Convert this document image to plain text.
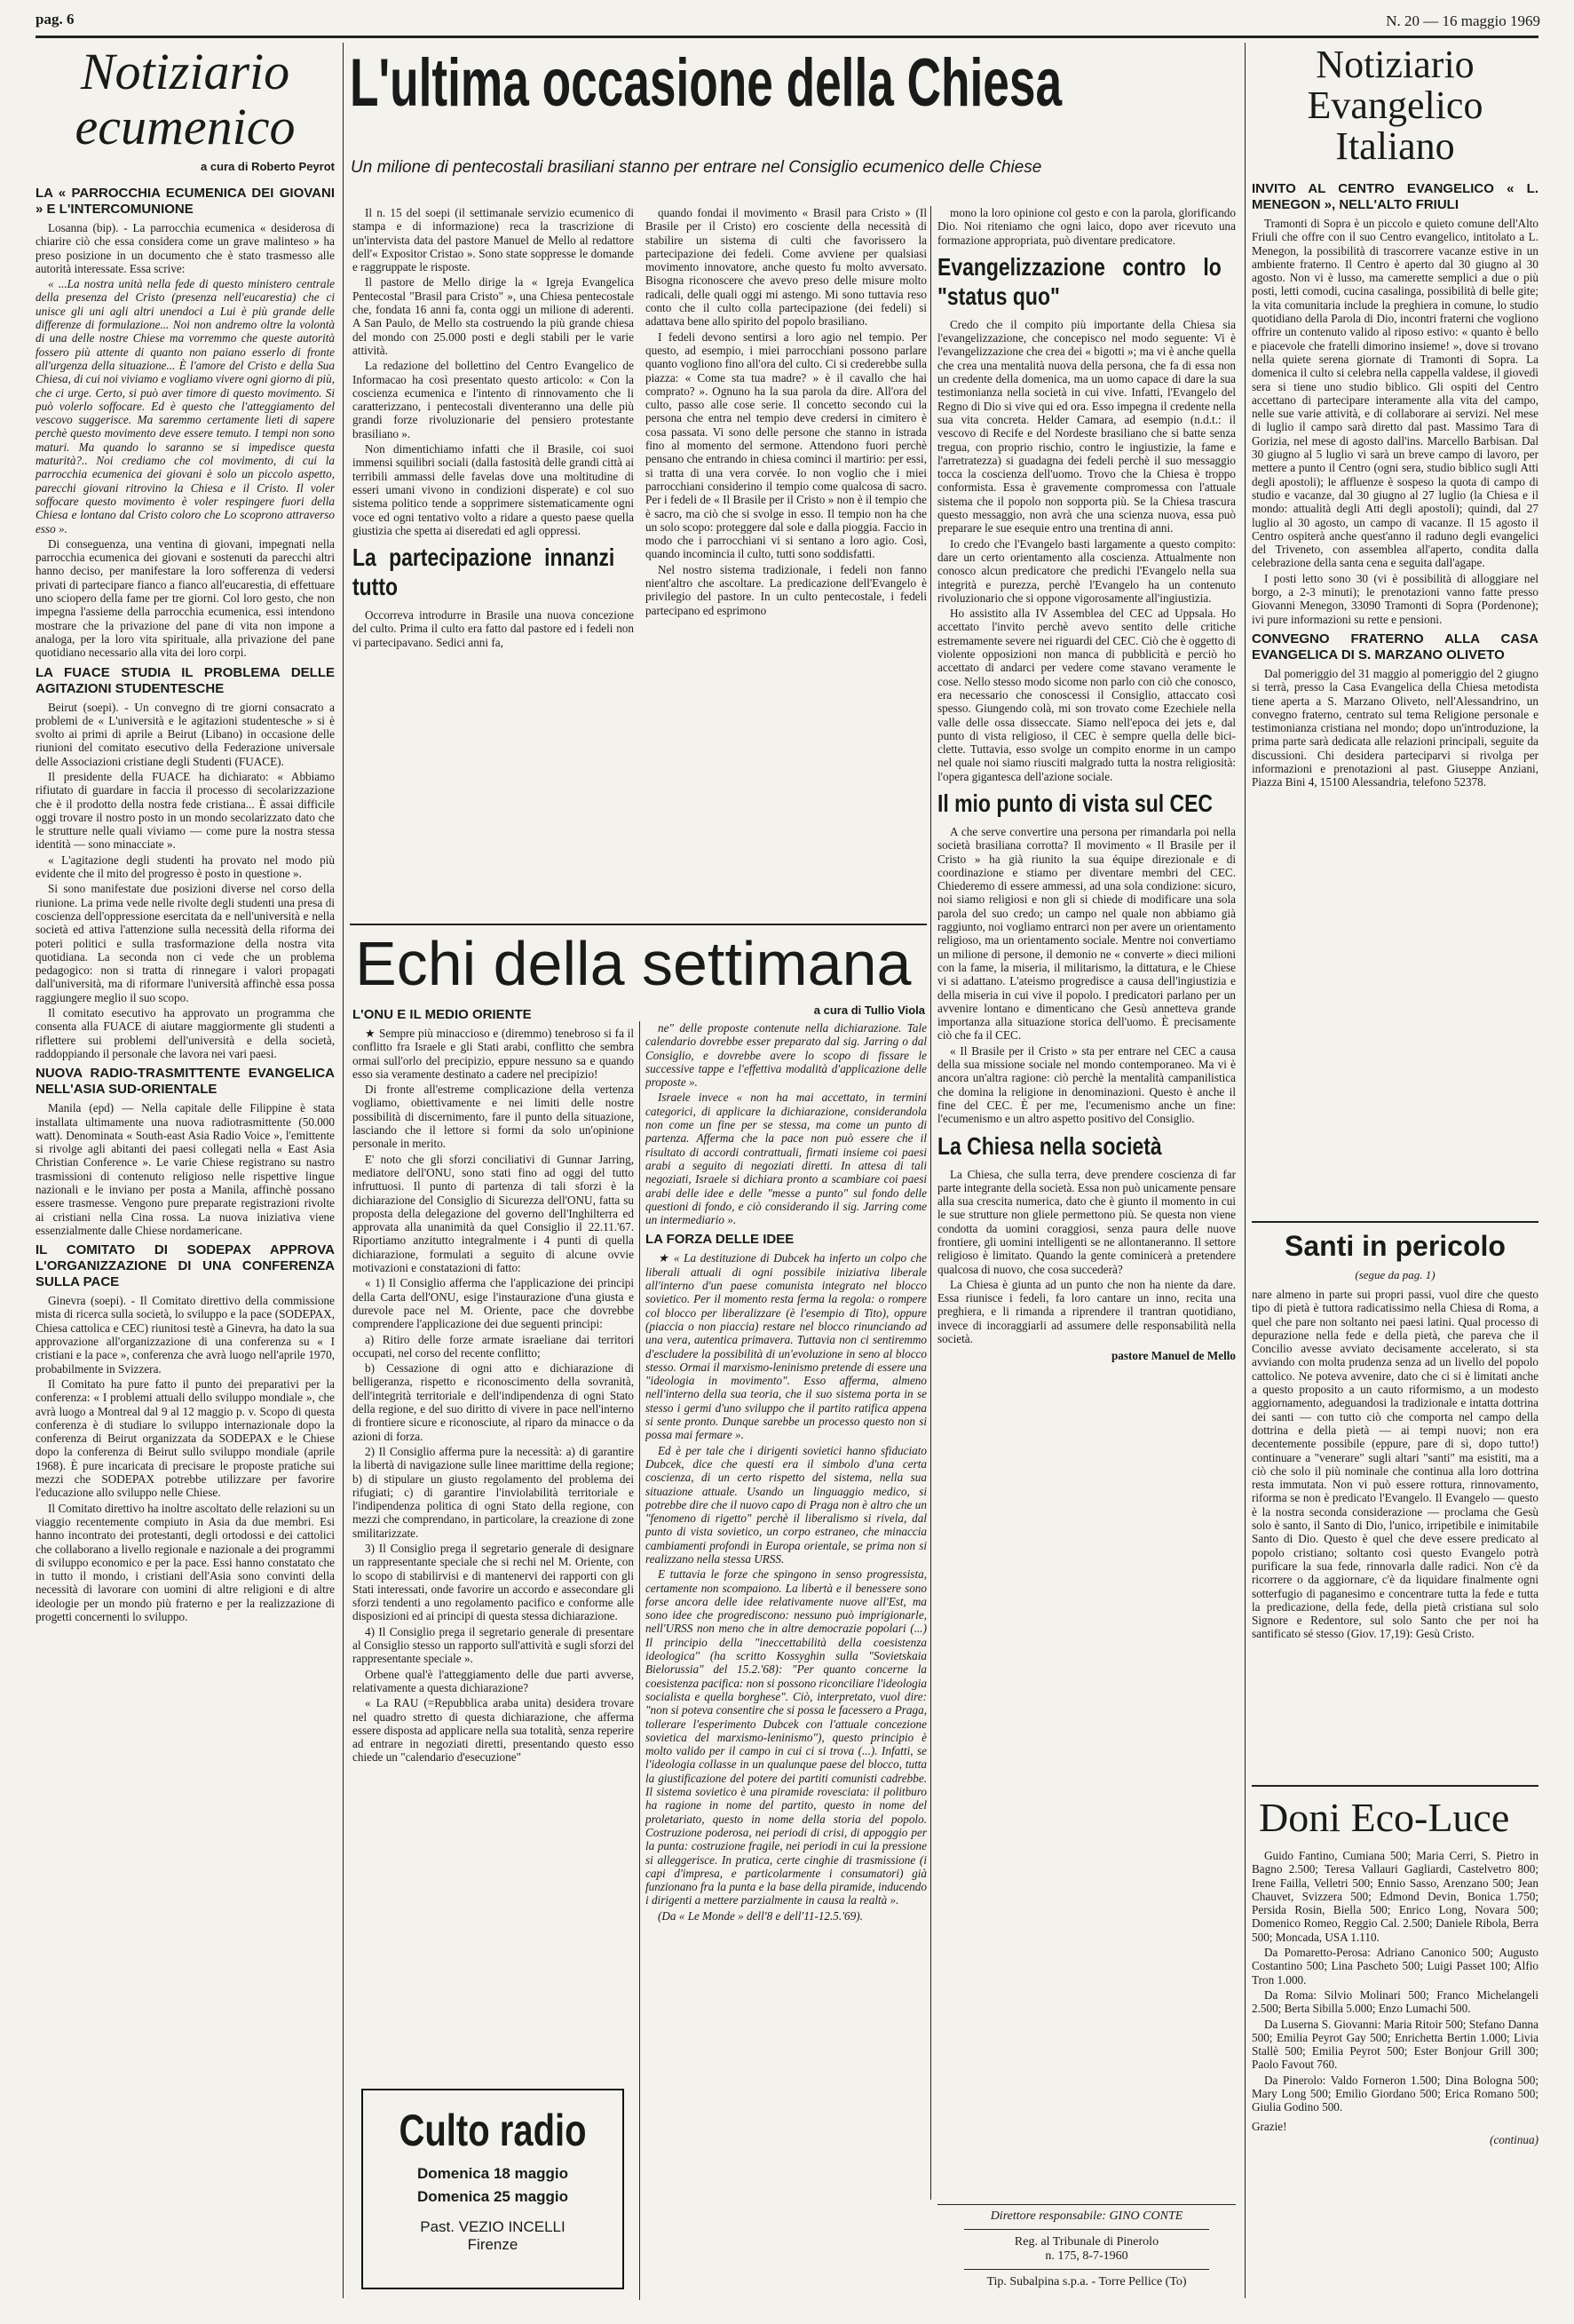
pag. 6	N. 20 — 16 maggio 1969
Notiziario
ecumenico
a cura di Roberto Peyrot
LA « PARROCCHIA ECUMENICA DEI GIOVANI » E L'INTERCOMUNIONE

Losanna (bip). - La parrocchia ecumenica « desiderosa di chiarire ciò che essa considera come un grave malinteso » ha preso posizione in un documento che è stato trasmesso alle autorità interessate. Essa scrive:

« ...La nostra unità nella fede di questo ministero centrale della presenza del Cristo (presenza nell'eucarestia) che ci unisce gli uni agli altri unendoci a Lui è più grande delle differenze di formulazione... Noi non andremo oltre la volontà di una delle nostre Chiese ma vorremmo che queste autorità fossero più attente di quanto non paiano esserlo di fronte all'urgenza della situazione... È l'amore del Cristo e della Sua Chiesa, di cui noi viviamo e vogliamo vivere ogni giorno di più, che ci urge. Certo, si può aver timore di questo movimento. Si può volerlo soffocare. Ed è questo che l'atteggiamento del vescovo suggerisce. Ma saremmo certamente lieti di sapere perchè questo movimento deve essere temuto. I tempi non sono maturi. Ma quando lo saranno se si impedisce questa maturità?.. Noi crediamo che col movimento, di cui la parrocchia ecumenica dei giovani è solo un piccolo aspetto, parecchi giovani ritrovino la Chiesa e il Cristo. Il voler soffocare questo movimento è voler respingere fuori della Chiesa e lontano dal Cristo coloro che Lo scoprono attraverso esso ».

Di conseguenza, una ventina di giovani, impegnati nella parrocchia ecumenica dei giovani e sostenuti da parecchi altri hanno deciso, per manifestare la loro sofferenza di vedersi privati di partecipare fianco a fianco all'eucarestia, di effettuare uno sciopero della fame per tre giorni. Col loro gesto, che non impegna l'assieme della parrocchia ecumenica, essi intendono mostrare che la privazione del pane di vita non impone a analoga, per la loro vita spirituale, alla privazione del pane quotidiano necessario alla vita dei loro corpi.

LA FUACE STUDIA IL PROBLEMA DELLE AGITAZIONI STUDENTESCHE

Beirut (soepi). - Un convegno di tre giorni consacrato a problemi de « L'università e le agitazioni studentesche » si è svolto ai primi di aprile a Beirut (Libano) in occasione delle riunioni del comitato esecutivo della Federazione universale delle Associazioni cristiane degli Studenti (FUACE).

Il presidente della FUACE ha dichiarato: « Abbiamo rifiutato di guardare in faccia il processo di secolarizzazione che è il prodotto della nostra fede cristiana... È assai difficile oggi trovare il nostro posto in un mondo secolarizzato dato che le strutture nelle quali viviamo — come pure la nostra stessa identità — sono minacciate ».

« L'agitazione degli studenti ha provato nel modo più evidente che il mito del progresso è posto in questione ».

Si sono manifestate due posizioni diverse nel corso della riunione. La prima vede nelle rivolte degli studenti una presa di coscienza dell'oppressione esercitata da e nell'università e nella società ed attiva l'attenzione sulla necessità della riforma dei poteri politici e sulla trasformazione della nostra vita quotidiana. La seconda non ci vede che un problema pedagogico: non si tratta di rinnegare i valori propagati dall'università, ma di riformare l'università affinchè essa possa raggiungere meglio il suo scopo.

Il comitato esecutivo ha approvato un programma che consenta alla FUACE di aiutare maggiormente gli studenti a riflettere sui problemi dell'università e della società, raddoppiando il personale che lavora nei vari paesi.

NUOVA RADIO-TRASMITTENTE EVANGELICA NELL'ASIA SUD-ORIENTALE

Manila (epd) — Nella capitale delle Filippine è stata installata ultimamente una nuova radiotrasmittente (50.000 watt). Denominata « South-east Asia Radio Voice », l'emittente si rivolge agli abitanti dei paesi collegati nella « East Asia Christian Conference ». Le varie Chiese registrano su nastro trasmissioni di contenuto religioso nelle rispettive lingue nazionali e le inviano per posta a Manila, affinchè possano essere trasmesse. Vengono pure preparate registrazioni rivolte ai cristiani nella Cina rossa. La nuova iniziativa viene essenzialmente dalle Chiese nordamericane.

IL COMITATO DI SODEPAX APPROVA L'ORGANIZZAZIONE DI UNA CONFERENZA SULLA PACE

Ginevra (soepi). - Il Comitato direttivo della commissione mista di ricerca sulla società, lo sviluppo e la pace (SODEPAX, Chiesa cattolica e CEC) riunitosi testè a Ginevra, ha dato la sua approvazione all'organizzazione di una conferenza su « I cristiani e la pace », conferenza che avrà luogo nell'aprile 1970, probabilmente in Svizzera.

Il Comitato ha pure fatto il punto dei preparativi per la conferenza: « I problemi attuali dello sviluppo mondiale », che avrà luogo a Montreal dal 9 al 12 maggio p. v. Scopo di questa conferenza è di studiare lo sviluppo internazionale dopo la conferenza di Beirut organizzata da SODEPAX e le Chiese dopo la conferenza di Beirut sullo sviluppo mondiale (aprile 1968). È pure incaricata di precisare le proposte pratiche sui mezzi che SODEPAX potrebbe utilizzare per favorire l'educazione allo sviluppo nelle Chiese.

Il Comitato direttivo ha inoltre ascoltato delle relazioni su un viaggio recentemente compiuto in Asia da due membri. Esi hanno incontrato dei protestanti, degli ortodossi e dei cattolici che collaborano a livello regionale e nazionale a dei programmi di sviluppo economico e per la pace. Essi hanno constatato che in tutto il mondo, i cristiani dell'Asia sono convinti della necessità di lavorare con uomini di altre religioni e di altre ideologie per un mondo più fraterno e per la realizzazione di progetti concernenti lo sviluppo.

L'ultima occasione della Chiesa
Un milione di pentecostali brasiliani stanno per entrare nel Consiglio ecumenico delle Chiese

Il n. 15 del soepi (il settimanale servizio ecumenico di stampa e di informazione) reca la trascrizione di un'intervista data del pastore Manuel de Mello al redattore dell'« Expositor Cristao ». Sono state soppresse le domande e raggruppate le risposte.

Il pastore de Mello dirige la « Igreja Evangelica Pentecostal "Brasil para Cristo" », una Chiesa pentecostale che, fondata 16 anni fa, conta oggi un milione di aderenti. A San Paulo, de Mello sta costruendo la più grande chiesa del mondo con 25.000 posti e degli stabili per le varie attività.

La redazione del bollettino del Centro Evangelico de Informacao ha così presentato questo articolo: « Con la coscienza ecumenica e l'intento di rinnovamento che li caratterizzano, i pentecostali diventeranno una delle più grandi forze rivoluzionarie del pensiero protestante brasiliano ».

Non dimentichiamo infatti che il Brasile, coi suoi immensi squilibri sociali (dalla fastosità delle grandi città ai terribili ammassi delle favelas dove una moltitudine di esseri umani vivono in condizioni disperate) e col suo sistema politico tende a sopprimere sistematicamente ogni voce ed ogni tentativo volto a ridare a questo paese quella giustizia che spetta ai diseredati ed agli oppressi.

La partecipazione innanzi tutto

Occorreva introdurre in Brasile una nuova concezione del culto. Prima il culto era fatto dal pastore ed i fedeli non vi partecipavano. Sedici anni fa,

quando fondai il movimento « Brasil para Cristo » (Il Brasile per il Cristo) ero cosciente della necessità di stabilire un sistema di culti che favorissero la partecipazione dei fedeli. Come avviene per qualsiasi movimento innovatore, anche questo fu molto avversato. Bisogna riconoscere che avevo preso delle misure molto radicali, delle quali oggi mi astengo. Mi sono tuttavia reso conto che il culto colla partecipazione (dei fedeli) si adattava bene allo spirito del popolo brasiliano.

I fedeli devono sentirsi a loro agio nel tempio. Per questo, ad esempio, i miei parrocchiani possono parlare quanto vogliono fino all'ora del culto. Ci si crederebbe sulla piazza: « Come sta tua madre? » è il cavallo che hai comprato? ». Ognuno ha la sua parola da dire. All'ora del culto, passo alle cose serie. Il concetto secondo cui la persona che entra nel tempio deve credersi in cimitero è cosa passata. Vi sono delle persone che stanno in istrada fino al momento del sermone. Attendono fuori perchè pensano che entrando in chiesa cominci il martirio: per essi, si tratta di una vera corvée. Io non voglio che i miei parrocchiani considerino il tempio come qualcosa di sacro. Per i fedeli de « Il Brasile per il Cristo » non è il tempio che è sacro, ma ciò che si svolge in esso. Il tempio non ha che un solo scopo: proteggere dal sole e dalla pioggia. Faccio in modo che i parrocchiani vi si sentano a loro agio. Così, quando incomincia il culto, tutti sono soddisfatti.

Nel nostro sistema tradizionale, i fedeli non fanno nient'altro che ascoltare. La predicazione dell'Evangelo è privilegio del pastore. In un culto pentecostale, i fedeli partecipano ed esprimono

mono la loro opinione col gesto e con la parola, glorificando Dio. Noi riteniamo che ogni laico, dopo aver ricevuto una formazione appropriata, può diventare predicatore.

Evangelizzazione contro lo "status quo"

Credo che il compito più importante della Chiesa sia l'evangelizzazione, che concepisco nel modo seguente: Vi è l'evangelizzazione che crea dei « bigotti »; ma vi è anche quella che crea una mentalità nuova della persona, che fa di essa non un credente della domenica, ma un uomo capace di dare la sua testimonianza nella società in cui vive. Infatti, l'Evangelo del Regno di Dio si vive qui ed ora. Esso impegna il credente nella sua vita concreta. Helder Camara, ad esempio (n.d.t.: il vescovo di Recife e del Nordeste brasiliano che si batte senza tregua, con proprio rischio, contro le ingiustizie, la fame e l'arretratezza) si guadagna dei fedeli perchè il suo messaggio tocca la coscienza dell'uomo. Trovo che la Chiesa è troppo conformista. Essa è gravemente compromessa con l'attuale sistema che il popolo non sopporta più. Se la Chiesa trascura questo messaggio, non avrà che una scienza nuova, essa può preparare le sue esequie entro una trentina di anni.

Io credo che l'Evangelo basti largamente a questo compito: dare un certo orientamento alla coscienza. Attualmente non conosco alcun predicatore che predichi l'Evangelo nella sua integrità e purezza, perchè l'Evangelo ha un contenuto rivoluzionario che si oppone vigorosamente all'ingiustizia.

Ho assistito alla IV Assemblea del CEC ad Uppsala. Ho accettato l'invito perchè avevo sentito delle critiche estremamente severe nei riguardi del CEC. Ciò che è oggetto di violente opposizioni non manca di pubblicità e perciò ho accettato di andarci per vedere come stavano veramente le cose. Nello stesso modo sicome non parlo con ciò che conosco, era necessario che conoscessi il Consiglio, attaccato così spesso. Giungendo colà, mi son trovato come Ezechiele nella valle delle ossa disseccate. Siamo nell'epoca dei jets e, dal punto di vista religioso, il CEC è sempre quella delle bici-clette. Tuttavia, esso svolge un compito enorme in un campo nel quale noi siamo riusciti malgrado tutta la nostra religiosità: l'opera gigantesca dell'azione sociale.

Il mio punto di vista sul CEC

A che serve convertire una persona per rimandarla poi nella società brasiliana corrotta? Il movimento « Il Brasile per il Cristo » ha già riunito la sua équipe direzionale e di coordinazione e stiamo per diventare membri del CEC. Chiederemo di essere ammessi, ad una sola condizione: sicuro, noi siamo religiosi e non gli si chiede di modificare una sola parola del suo credo; un campo nel quale non abbiamo già raggiunto, noi vogliamo entrarci non per avere un orientamento religioso, ma un orientamento sociale. Mentre noi convertiamo un milione di persone, il demonio ne « converte » dieci milioni con la fame, la miseria, il militarismo, la dittatura, e le Chiese vi si adattano. L'ateismo progredisce a causa dell'ingiustizia e della miseria in cui vive il popolo. I predicatori parlano per un avvenire lontano e dimenticano che Gesù annetteva grande importanza alla situazione storica dell'uomo. È precisamente ciò che fa il CEC.

« Il Brasile per il Cristo » sta per entrare nel CEC a causa della sua missione sociale nel mondo contemporaneo. Ma vi è ancora un'altra ragione: ciò perchè la mentalità campanilistica che domina la religione in denominazioni. Questo è anche il fine del CEC. È per me, l'ecumenismo anche un fine: l'ecumenismo e un altro aspetto positivo del Consiglio.

La Chiesa nella società

La Chiesa, che sulla terra, deve prendere coscienza di far parte integrante della società. Essa non può unicamente pensare alla sua crescita numerica, dato che è giunto il momento in cui le sue strutture non gliele permettono più. Se questa non viene condotta da uomini coraggiosi, senza paura delle nuove frontiere, gli uomini intelligenti se ne allontaneranno. Il settore religioso è limitato. Quando la gente cominicerà a pretendere qualcosa di nuovo, che cosa succederà?

La Chiesa è giunta ad un punto che non ha niente da dare. Essa riunisce i fedeli, fa loro cantare un inno, recita una preghiera, e li rimanda a riprendere il trantran quotidiano, invece di incoraggiarli ad assumere delle responsabilità nella società.

pastore Manuel de Mello
Echi della settimana
a cura di Tullio Viola
L'ONU E IL MEDIO ORIENTE

★ Sempre più minaccioso e (diremmo) tenebroso si fa il conflitto fra Israele e gli Stati arabi, conflitto che sembra ormai sull'orlo del precipizio, eppure nessuno sa e quando esso sia veramente destinato a cadere nel precipizio!

Di fronte all'estreme complicazione della vertenza vogliamo, obiettivamente e nei limiti delle nostre possibilità di discernimento, fare il punto della situazione, lasciando che il lettore si formi da solo un'opinione personale in merito.

E' noto che gli sforzi conciliativi di Gunnar Jarring, mediatore dell'ONU, sono stati fino ad oggi del tutto infruttuosi. Il punto di partenza di tali sforzi è la dichiarazione del Consiglio di Sicurezza dell'ONU, fatta su proposta della delegazione del governo dell'Inghilterra ed approvata alla unanimità da quel Consiglio il 22.11.'67. Riportiamo anzitutto integralmente i 4 punti di quella dichiarazione, formulati a seguito di alcune ovvie motivazioni e constatazioni di fatto:

« 1) Il Consiglio afferma che l'applicazione dei principi della Carta dell'ONU, esige l'instaurazione d'una giusta e durevole pace nel M. Oriente, pace che dovrebbe comprendere l'applicazione dei due seguenti principi:

a) Ritiro delle forze armate israeliane dai territori occupati, nel corso del recente conflitto;

b) Cessazione di ogni atto e dichiarazione di belligeranza, rispetto e riconoscimento della sovranità, dell'integrità territoriale e dell'indipendenza di ogni Stato della regione, e del suo diritto di vivere in pace nell'interno di frontiere sicure e riconosciute, al riparo da minacce o da azioni di forza.

2) Il Consiglio afferma pure la necessità: a) di garantire la libertà di navigazione sulle linee marittime della regione; b) di stipulare un giusto regolamento del problema dei rifugiati; c) di garantire l'inviolabilità territoriale e l'indipendenza politica di ogni Stato della regione, con mezzi che comprendano, in particolare, la creazione di zone smilitarizzate.

3) Il Consiglio prega il segretario generale di designare un rappresentante speciale che si rechi nel M. Oriente, con lo scopo di stabilirvisi e di mantenervi dei rapporti con gli Stati interessati, onde favorire un accordo e assecondare gli sforzi tendenti a uno regolamento pacifico e conforme alle disposizioni ed ai principi di questa stessa dichiarazione.

4) Il Consiglio prega il segretario generale di presentare al Consiglio stesso un rapporto sull'attività e sugli sforzi del rappresentante speciale ».

Orbene qual'è l'atteggiamento delle due parti avverse, relativamente a questa dichiarazione?

« La RAU (=Repubblica araba unita) desidera trovare nel quadro stretto di questa dichiarazione, che afferma essere disposta ad applicare nella sua totalità, senza reperire ad entrare in negoziati diretti, presentando questo esso chiede un "calendario d'esecuzione"

ne" delle proposte contenute nella dichiarazione. Tale calendario dovrebbe esser preparato dal sig. Jarring o dal Consiglio, e dovrebbe avere lo scopo di fissare le successive tappe e l'effettiva modalità d'applicazione delle proposte ».

Israele invece « non ha mai accettato, in termini categorici, di applicare la dichiarazione, considerandola non come un fine per se stessa, ma come un punto di partenza. Afferma che la pace non può essere che il risultato di accordi contrattuali, firmati insieme coi paesi arabi a seguito di negoziati diretti. In attesa di tali negoziati, Israele si dichiara pronto a scambiare coi paesi arabi delle idee e delle "messe a punto" sul fondo delle questioni di fondo, e ciò considerando il sig. Jarring come un intermediario ».

LA FORZA DELLE IDEE

★ « La destituzione di Dubcek ha inferto un colpo che liberali attuali di ogni possibile iniziativa liberale all'interno d'un paese comunista integrato nel blocco sovietico. Per il momento resta ferma la regola: o rompere col blocco per liberalizzare (è l'esempio di Tito), oppure (piaccia o non piaccia) restare nel blocco rinunciando ad una vera, autentica primavera. Tuttavia non ci sentiremmo d'escludere la possibilità di un'evoluzione in seno al blocco stesso. Ormai il marxismo-leninismo pretende di essere una "ideologia in movimento". Esso afferma, almeno nell'interno della sua teoria, che il suo sistema porta in se stesso i germi d'uno sviluppo che il partito ratifica appena si sente pronto. Dunque sarebbe un processo questo non si possa mai fermare ».

Ed è per tale che i dirigenti sovietici hanno sfiduciato Dubcek, dice che questi era il simbolo d'una certa coscienza, di un certo rispetto del sistema, nella sua situazione attuale. Usando un linguaggio medico, si potrebbe dire che il nuovo capo di Praga non è altro che un "fenomeno di rigetto" perchè il liberalismo si rivela, dal punto di vista sovietico, un corpo estraneo, che minaccia cambiamenti profondi in Europa orientale, se prima non si realizzano nella stessa URSS.

E tuttavia le forze che spingono in senso progressista, certamente non scompaiono. La libertà e il benessere sono forse ancora delle idee relativamente nuove all'Est, ma sono idee che progrediscono: nessuno può imprigionarle, nell'URSS non meno che in altre democrazie popolari (...) Il principio della "ineccettabilità della coesistenza ideologica" (ha scritto Kossyghin sulla "Sovietskaia Bielorussia" del 15.2.'68): "Per quanto concerne la coesistenza pacifica: non si possono riconciliare l'ideologia socialista e quella borghese". Ciò, interpretato, vuol dire: "non si poteva consentire che si possa le facessero a Praga, tollerare l'esperimento Dubcek con l'attuale concezione sovietica del marxismo-leninismo"), questo principio è molto valido per il campo in cui ci si trova (...). Infatti, se l'ideologia collasse in un qualunque paese del blocco, tutta la giustificazione del potere dei partiti comunisti cadrebbe. Il sistema sovietico è una piramide rovesciata: il politburo ha ragione in nome del partito, questo in nome del proletariato, questo in nome della storia del popolo. Costruzione poderosa, nei periodi di crisi, di appoggio per la punta: costruzione fragile, nei periodi in cui la pressione si alleggerisce. In pratica, certe cinghie di trasmissione (i capi d'impresa, e particolarmente i consumatori) già funzionano fra la punta e la base della piramide, inducendo i dirigenti a mettere parzialmente in causa la realtà ».

(Da « Le Monde » dell'8 e dell'11-12.5.'69).

Culto radio
Domenica 18 maggio
Domenica 25 maggio
Past. VEZIO INCELLI
Firenze
Direttore responsabile: GINO CONTE
Reg. al Tribunale di Pinerolo
n. 175, 8-7-1960
Tip. Subalpina s.p.a. - Torre Pellice (To)
Notiziario
Evangelico
Italiano
INVITO AL CENTRO EVANGELICO « L. MENEGON », NELL'ALTO FRIULI

Tramonti di Sopra è un piccolo e quieto comune dell'Alto Friuli che offre con il suo Centro evangelico, intitolato a L. Menegon, la possibilità di trascorrere vacanze estive in un ambiente fraterno. Il Centro è aperto dal 30 giugno al 30 agosto. Non vi è lusso, ma camerette semplici a due o più posti, letti comodi, cucina casalinga, possibilità di belle gite; la vita comunitaria include la preghiera in comune, lo studio quotidiano della Parola di Dio, incontri fraterni che vogliono offrire un contenuto valido al riposo estivo: « quanto è bello e piacevole che fratelli dimorino insieme! », dove si trovano nella quiete serena giornate di Tramonti di Sopra. La domenica il culto si celebra nella cappella valdese, il giovedì sera si tiene uno studio biblico. Gli ospiti del Centro accettano di partecipare interamente alla vita del campo, nelle sue varie attività, e di collaborare ai servizi. Nel mese di luglio il campo sarà diretto dal past. Massimo Tara di Gorizia, nel mese di agosto dall'ins. Marcello Barbisan. Dal 30 giugno al 5 luglio vi sarà un breve campo di lavoro, per mettere a punto il Centro (ogni sera, studio biblico sugli Atti degli apostoli); le affluenze è sospeso la quota di campo di studio e vacanze, dal 30 giugno al 27 luglio (la Chiesa e il mondo: attualità degli Atti degli apostoli); quindi, dal 27 luglio al 30 agosto, un campo di vacanze. Il 15 agosto il Centro ospiterà anche quest'anno il raduno degli evangelici del Triveneto, con assemblea all'aperto, condita dalla celebrazione della santa cena e seguita dall'agape.

I posti letto sono 30 (vi è possibilità di alloggiare nel borgo, a 2-3 minuti); le prenotazioni vanno fatte presso Giovanni Menegon, 33090 Tramonti di Sopra (Pordenone); ivi pure informazioni su rette e pensioni.

CONVEGNO FRATERNO ALLA CASA EVANGELICA DI S. MARZANO OLIVETO

Dal pomeriggio del 31 maggio al pomeriggio del 2 giugno si terrà, presso la Casa Evangelica della Chiesa metodista tiene aperta a S. Marzano Oliveto, nell'Alessandrino, un convegno fraterno, centrato sul tema Religione personale e testimonianza cristiana nel mondo; dopo un'introduzione, la prima parte sarà dedicata alle relazioni principali, seguite da discussioni. Chi desidera parteciparvi si rivolga per informazioni e prenotazioni al past. Giuseppe Anziani, Piazza Bini 4, 15100 Alessandria, telefono 52378.

Santi in pericolo
(segue da pag. 1)
nare almeno in parte sui propri passi, vuol dire che questo tipo di pietà è tuttora radicatissimo nella Chiesa di Roma, a quel che pare non soltanto nei paesi latini. Qual processo di depurazione nella fede e della pietà, che pareva che il Concilio avesse avviato decisamente accelerato, si sta avviando con molta prudenza senza ad un livello del popolo cattolico. Ne poteva avvenire, dato che ci si è limitati anche a questo proposito a un cauto riformismo, a un modesto aggiornamento, adeguandosi la tradizionale e intatta dottrina dei santi — con tutto ciò che comporta nel campo della dottrina e della pietà — ai tempi nuovi; non era decentemente possibile (eppure, pare di sì, dopo tutto!) continuare a "venerare" sugli altari "santi" ma esistiti, ma a ciò che solo il più nominale che continua alla loro dottrina resta immutata. Non vi può essere rottura, rinnovamento, riforma se non è predicato l'Evangelo. Il Evangelo — questo è la nostra seconda considerazione — proclama che Gesù solo è santo, il Santo di Dio, l'unico, irripetibile e inimitabile Santo di Dio. Questo è quel che deve essere predicato al popolo cristiano; soltanto così questo Evangelo potrà purificare la sua fede, rinnovarla dalle radici. Non c'è da ricorrere o da aggiornare, c'è da liquidare finalmente ogni sotterfugio di paganesimo e concentrare tutta la fede e tutta la predicazione, della fede, della pietà cristiana sul solo Signore e Redentore, sul solo Santo che per noi ha santificato sé stesso (Giov. 17,19): Gesù Cristo.
Doni Eco-Luce

Guido Fantino, Cumiana 500; Maria Cerri, S. Pietro in Bagno 2.500; Teresa Vallauri Gagliardi, Castelvetro 800; Irene Failla, Velletri 500; Ennio Sasso, Arenzano 500; Jean Chauvet, Svizzera 500; Edmond Devin, Bonica 1.750; Persida Rosin, Biella 500; Enrico Long, Novara 500; Domenico Romeo, Reggio Cal. 2.500; Daniele Ribola, Berra 500; Moncada, USA 1.110.

Da Pomaretto-Perosa: Adriano Canonico 500; Augusto Costantino 500; Lina Pascheto 500; Luigi Passet 100; Alfio Tron 1.000.

Da Roma: Silvio Molinari 500; Franco Michelangeli 2.500; Berta Sibilla 5.000; Enzo Lumachi 500.

Da Luserna S. Giovanni: Maria Ritoir 500; Stefano Danna 500; Emilia Peyrot Gay 500; Enrichetta Bertin 1.000; Livia Stallè 500; Emilia Peyrot 500; Ester Bonjour Grill 300; Paolo Favout 760.

Da Pinerolo: Valdo Forneron 1.500; Dina Bologna 500; Mary Long 500; Emilio Giordano 500; Erica Romano 500; Giulia Godino 500.

Grazie!
(continua)
